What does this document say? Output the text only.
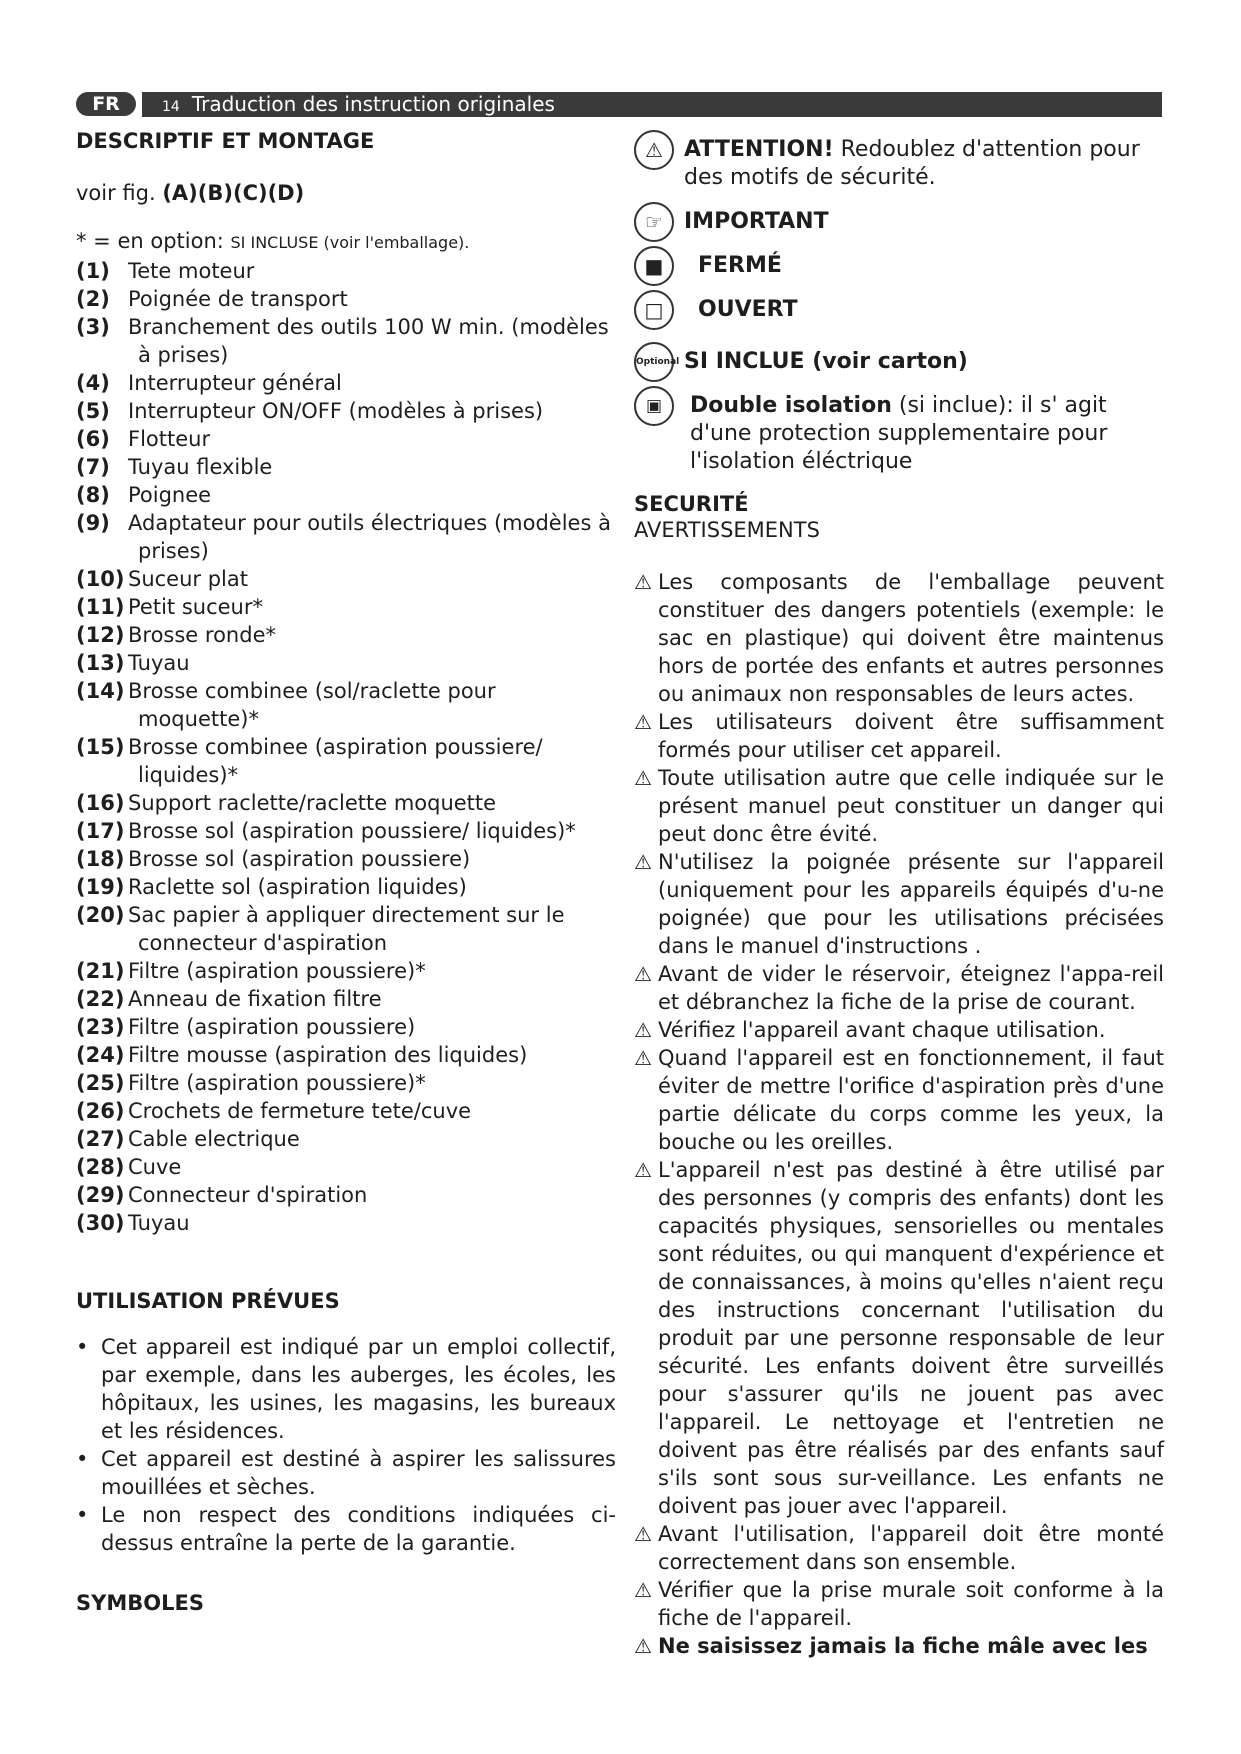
FR	14 Traduction des instruction originales
DESCRIPTIF ET MONTAGE
voir fig. (A)(B)(C)(D)
* = en option: SI INCLUSE (voir l'emballage).
(1) Tete moteur
(2) Poignée de transport
(3) Branchement des outils 100 W min. (modèles à prises)
(4) Interrupteur général
(5) Interrupteur ON/OFF (modèles à prises)
(6) Flotteur
(7) Tuyau flexible
(8) Poignee
(9) Adaptateur pour outils électriques (modèles à prises)
(10) Suceur plat
(11) Petit suceur*
(12) Brosse ronde*
(13) Tuyau
(14) Brosse combinee (sol/raclette pour moquette)*
(15) Brosse combinee (aspiration poussiere/ liquides)*
(16) Support raclette/raclette moquette
(17) Brosse sol (aspiration poussiere/ liquides)*
(18) Brosse sol (aspiration poussiere)
(19) Raclette sol (aspiration liquides)
(20) Sac papier à appliquer directement sur le connecteur d'aspiration
(21) Filtre (aspiration poussiere)*
(22) Anneau de fixation filtre
(23) Filtre (aspiration poussiere)
(24) Filtre mousse (aspiration des liquides)
(25) Filtre (aspiration poussiere)*
(26) Crochets de fermeture tete/cuve
(27) Cable electrique
(28) Cuve
(29) Connecteur d'spiration
(30) Tuyau
UTILISATION PRÉVUES
• Cet appareil est indiqué par un emploi collectif, par exemple, dans les auberges, les écoles, les hôpitaux, les usines, les magasins, les bureaux et les résidences.
• Cet appareil est destiné à aspirer les salissures mouillées et sèches.
• Le non respect des conditions indiquées ci-dessus entraîne la perte de la garantie.
SYMBOLES
⚠ ATTENTION! Redoublez d'attention pour des motifs de sécurité.
☞ IMPORTANT
■	FERMÉ
□	OUVERT
Optional SI INCLUE (voir carton)
▣	Double isolation (si inclue): il s' agit d'une protection supplementaire pour l'isolation éléctrique
SECURITÉ
AVERTISSEMENTS
⚠ Les composants de l'emballage peuvent constituer des dangers potentiels (exemple: le sac en plastique) qui doivent être maintenus hors de portée des enfants et autres personnes ou animaux non responsables de leurs actes.
⚠ Les utilisateurs doivent être suffisamment formés pour utiliser cet appareil.
⚠ Toute utilisation autre que celle indiquée sur le présent manuel peut constituer un danger qui peut donc être évité.
⚠ N'utilisez la poignée présente sur l'appareil (uniquement pour les appareils équipés d'u-ne poignée) que pour les utilisations précisées dans le manuel d'instructions .
⚠ Avant de vider le réservoir, éteignez l'appa-reil et débranchez la fiche de la prise de courant.
⚠ Vérifiez l'appareil avant chaque utilisation.
⚠ Quand l'appareil est en fonctionnement, il faut éviter de mettre l'orifice d'aspiration près d'une partie délicate du corps comme les yeux, la bouche ou les oreilles.
⚠ L'appareil n'est pas destiné à être utilisé par des personnes (y compris des enfants) dont les capacités physiques, sensorielles ou mentales sont réduites, ou qui manquent d'expérience et de connaissances, à moins qu'elles n'aient reçu des instructions concernant l'utilisation du produit par une personne responsable de leur sécurité. Les enfants doivent être surveillés pour s'assurer qu'ils ne jouent pas avec l'appareil. Le nettoyage et l'entretien ne doivent pas être réalisés par des enfants sauf s'ils sont sous sur-veillance. Les enfants ne doivent pas jouer avec l'appareil.
⚠ Avant l'utilisation, l'appareil doit être monté correctement dans son ensemble.
⚠ Vérifier que la prise murale soit conforme à la fiche de l'appareil.
⚠ Ne saisissez jamais la fiche mâle avec les
